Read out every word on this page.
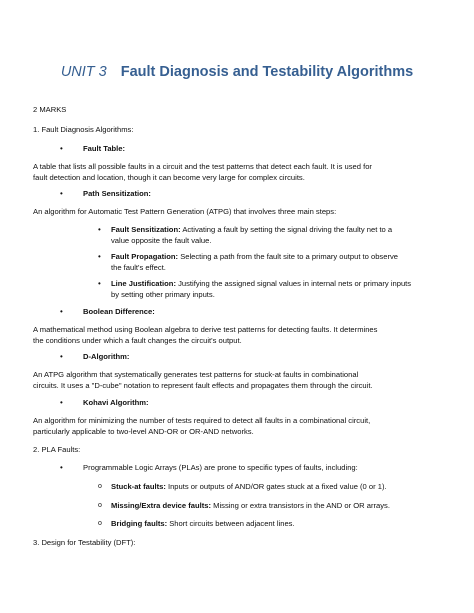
UNIT 3 Fault Diagnosis and Testability Algorithms
2 MARKS
1. Fault Diagnosis Algorithms:
•	Fault Table:
A table that lists all possible faults in a circuit and the test patterns that detect each fault. It is used for
fault detection and location, though it can become very large for complex circuits.
•	Path Sensitization:
An algorithm for Automatic Test Pattern Generation (ATPG) that involves three main steps:
• Fault Sensitization: Activating a fault by setting the signal driving the faulty net to a
value opposite the fault value.
• Fault Propagation: Selecting a path from the fault site to a primary output to observe
the fault's effect.
• Line Justification: Justifying the assigned signal values in internal nets or primary inputs
by setting other primary inputs.
•	Boolean Difference:
A mathematical method using Boolean algebra to derive test patterns for detecting faults. It determines
the conditions under which a fault changes the circuit's output.
•	D-Algorithm:
An ATPG algorithm that systematically generates test patterns for stuck-at faults in combinational
circuits. It uses a "D-cube" notation to represent fault effects and propagates them through the circuit.
•	Kohavi Algorithm:
An algorithm for minimizing the number of tests required to detect all faults in a combinational circuit,
particularly applicable to two-level AND-OR or OR-AND networks.
2. PLA Faults:
•	Programmable Logic Arrays (PLAs) are prone to specific types of faults, including:
o Stuck-at faults: Inputs or outputs of AND/OR gates stuck at a fixed value (0 or 1).
o Missing/Extra device faults: Missing or extra transistors in the AND or OR arrays.
o Bridging faults: Short circuits between adjacent lines.
3. Design for Testability (DFT):
